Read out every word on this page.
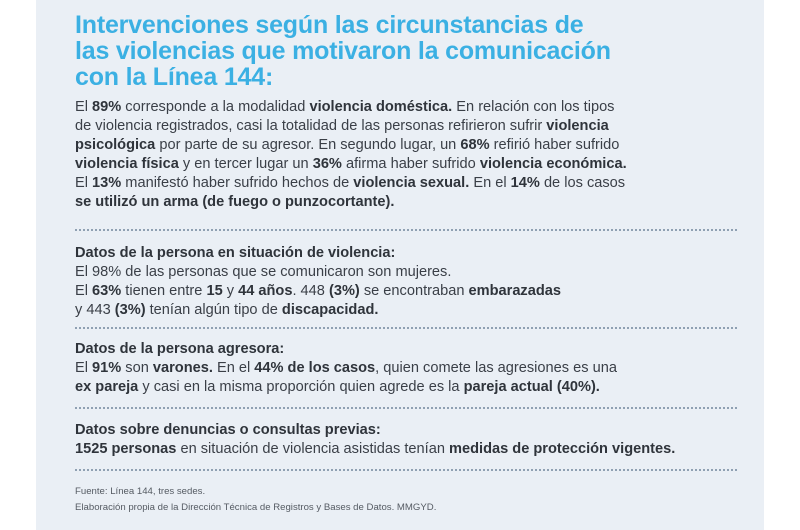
Intervenciones según las circunstancias de
las violencias que motivaron la comunicación
con la Línea 144:
El 89% corresponde a la modalidad violencia doméstica. En relación con los tipos
de violencia registrados, casi la totalidad de las personas refirieron sufrir violencia
psicológica por parte de su agresor. En segundo lugar, un 68% refirió haber sufrido
violencia física y en tercer lugar un 36% afirma haber sufrido violencia económica.
El 13% manifestó haber sufrido hechos de violencia sexual. En el 14% de los casos
se utilizó un arma (de fuego o punzocortante).
Datos de la persona en situación de violencia:
El 98% de las personas que se comunicaron son mujeres.
El 63% tienen entre 15 y 44 años. 448 (3%) se encontraban embarazadas
y 443 (3%) tenían algún tipo de discapacidad.
Datos de la persona agresora:
El 91% son varones. En el 44% de los casos, quien comete las agresiones es una
ex pareja y casi en la misma proporción quien agrede es la pareja actual (40%).
Datos sobre denuncias o consultas previas:
1525 personas en situación de violencia asistidas tenían medidas de protección vigentes.
Fuente: Línea 144, tres sedes.
Elaboración propia de la Dirección Técnica de Registros y Bases de Datos. MMGYD.
